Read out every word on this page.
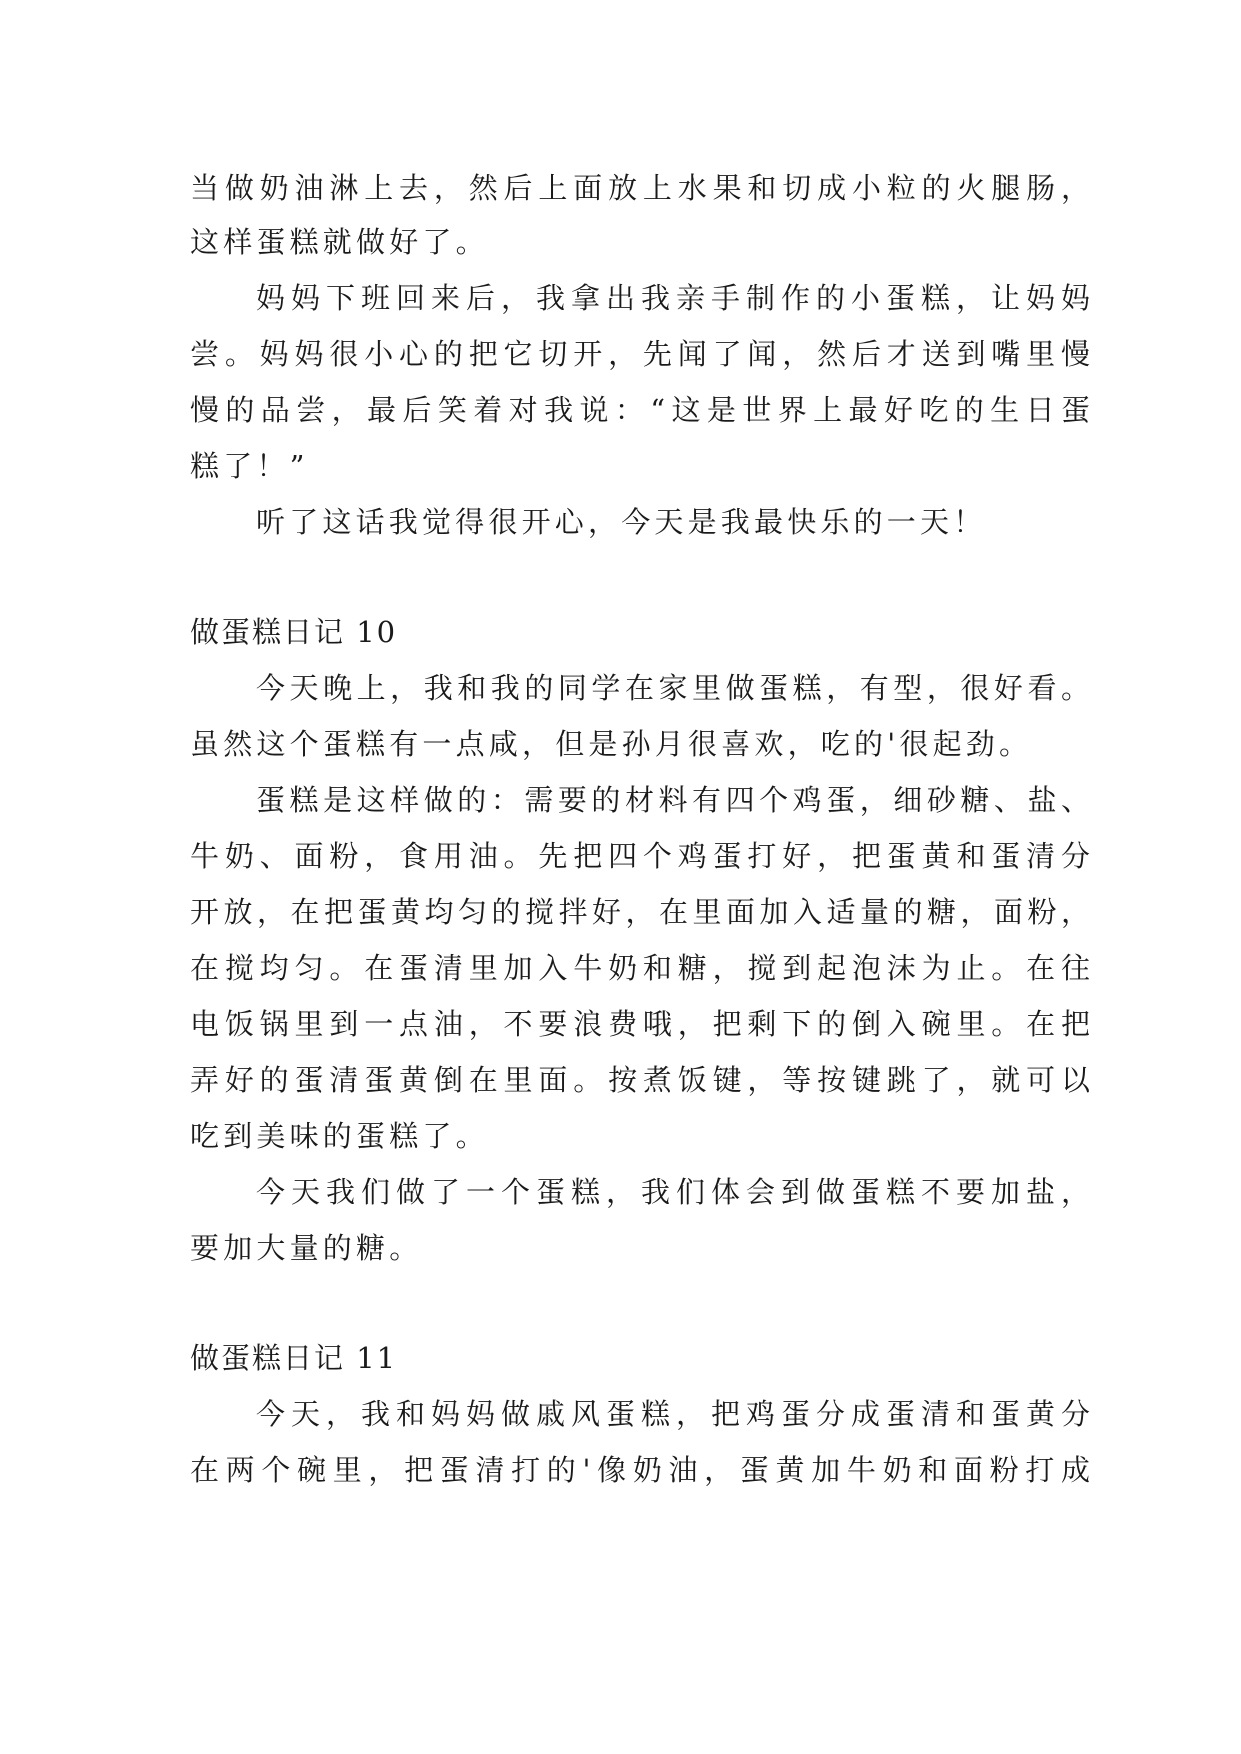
当做奶油淋上去，然后上面放上水果和切成小粒的火腿肠，
这样蛋糕就做好了。
妈妈下班回来后，我拿出我亲手制作的小蛋糕，让妈妈
尝。妈妈很小心的把它切开，先闻了闻，然后才送到嘴里慢
慢的品尝，最后笑着对我说：“这是世界上最好吃的生日蛋
糕了！”
听了这话我觉得很开心，今天是我最快乐的一天！
做蛋糕日记 10
今天晚上，我和我的同学在家里做蛋糕，有型，很好看。
虽然这个蛋糕有一点咸，但是孙月很喜欢，吃的'很起劲。
蛋糕是这样做的：需要的材料有四个鸡蛋，细砂糖、盐、
牛奶、面粉，食用油。先把四个鸡蛋打好，把蛋黄和蛋清分
开放，在把蛋黄均匀的搅拌好，在里面加入适量的糖，面粉，
在搅均匀。在蛋清里加入牛奶和糖，搅到起泡沫为止。在往
电饭锅里到一点油，不要浪费哦，把剩下的倒入碗里。在把
弄好的蛋清蛋黄倒在里面。按煮饭键，等按键跳了，就可以
吃到美味的蛋糕了。
今天我们做了一个蛋糕，我们体会到做蛋糕不要加盐，
要加大量的糖。
做蛋糕日记 11
今天，我和妈妈做戚风蛋糕，把鸡蛋分成蛋清和蛋黄分
在两个碗里，把蛋清打的'像奶油，蛋黄加牛奶和面粉打成
